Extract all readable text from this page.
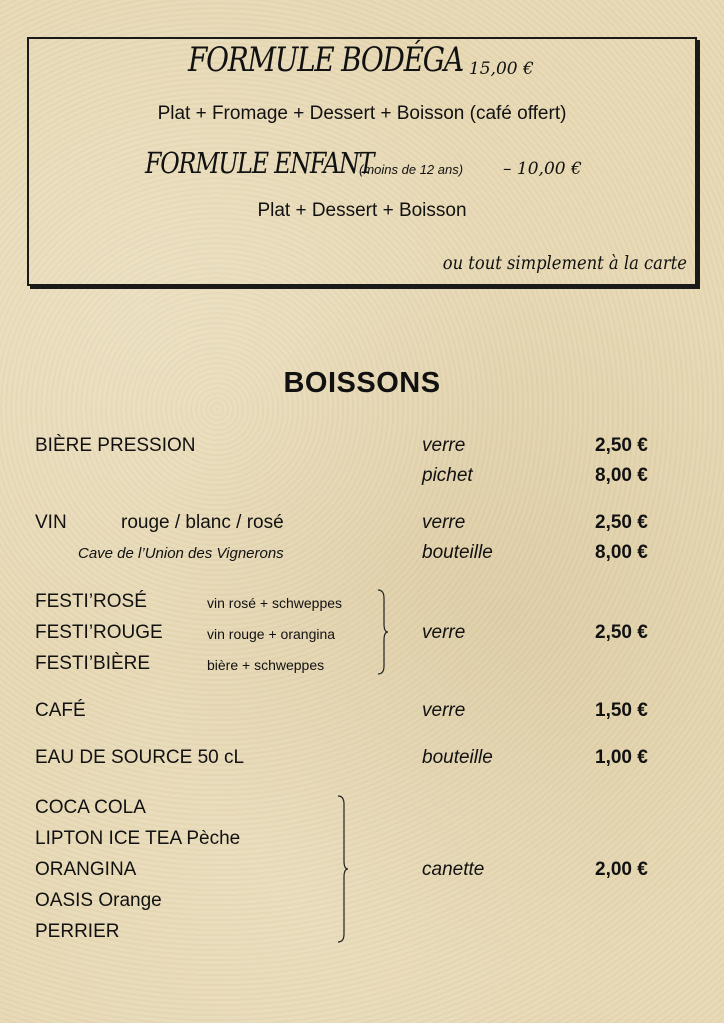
FORMULE BODÉGA
– 15,00 €
Plat + Fromage + Dessert + Boisson (café offert)
FORMULE ENFANT
(moins de 12 ans) – 10,00 €
Plat + Dessert + Boisson
ou tout simplement à la carte
BOISSONS
BIÈRE PRESSION	verre	2,50 €
pichet	8,00 €
VIN	rouge / blanc / rosé	verre	2,50 €
Cave de l’Union des Vignerons	bouteille	8,00 €
FESTI’ROSÉ	vin rosé + schweppes
FESTI’ROUGE	vin rouge + orangina
FESTI’BIÈRE	bière + schweppes
verre	2,50 €
CAFÉ	verre	1,50 €
EAU DE SOURCE 50 cL	bouteille	1,00 €
COCA COLA
LIPTON ICE TEA Pèche
ORANGINA
OASIS Orange
PERRIER
canette	2,00 €
